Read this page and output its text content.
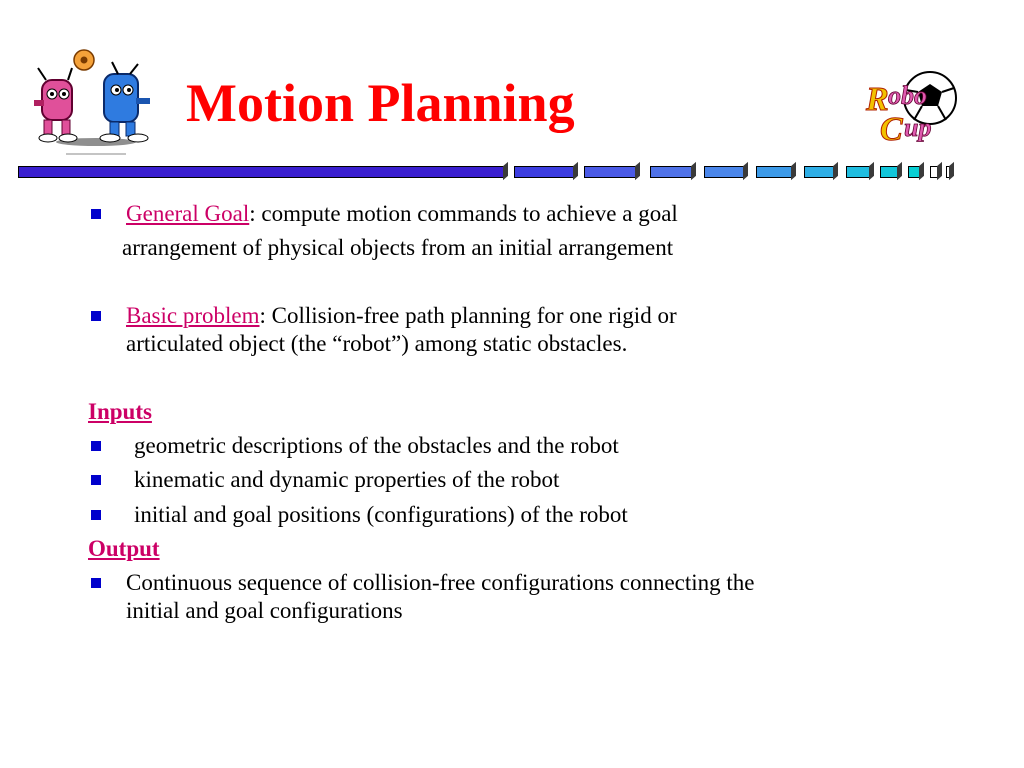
Motion Planning	R obo
C up
General Goal: compute motion commands to achieve a goal
arrangement of physical objects from an initial arrangement
Basic problem: Collision-free path planning for one rigid or
articulated object (the “robot”) among static obstacles.
Inputs
geometric descriptions of the obstacles and the robot
kinematic and dynamic properties of the robot
initial and goal positions (configurations) of the robot
Output
Continuous sequence of collision-free configurations connecting the
initial and goal configurations
